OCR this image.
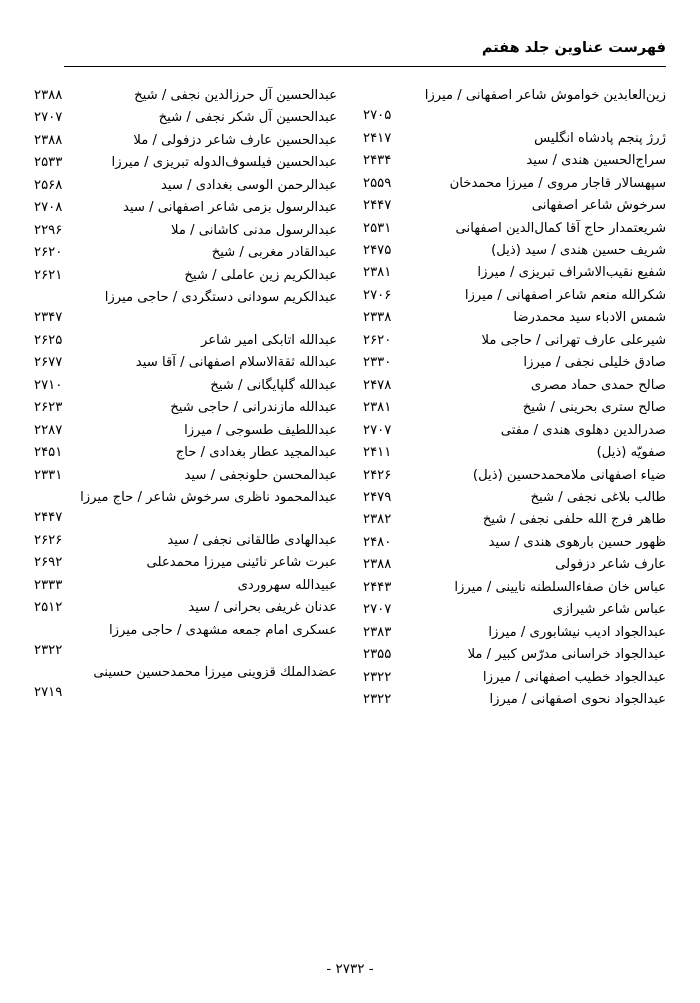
فهرست عناوين جلد هفتم
زين‌العابدين خواموش شاعر اصفهانى / ميرزا
۲۷۰۵
ژرژ پنجم پادشاه انگليس
۲۴۱۷
سراج‌الحسين هندى / سيد
۲۴۳۴
سپهسالار قاجار مروى / ميرزا محمدخان
۲۵۵۹
سرخوش شاعر اصفهانى
۲۴۴۷
شريعتمدار حاج آقا كمال‌الدين اصفهانى
۲۵۳۱
شريف حسين هندى / سيد (ذيل)
۲۴۷۵
شفيع نقيب‌الاشراف تبريزى / ميرزا
۲۳۸۱
شكرالله منعم شاعر اصفهانى / ميرزا
۲۷۰۶
شمس الادباء سيد محمدرضا
۲۳۳۸
شيرعلى عارف تهرانى / حاجى ملا
۲۶۲۰
صادق خليلى نجفى / ميرزا
۲۳۳۰
صالح حمدى حماد مصرى
۲۴۷۸
صالح سترى بحرينى / شيخ
۲۳۸۱
صدرالدين دهلوى هندى / مفتى
۲۷۰۷
صفويّه (ذيل)
۲۴۱۱
ضياء اصفهانى ملامحمدحسين (ذيل)
۲۴۲۶
طالب بلاغى نجفى / شيخ
۲۴۷۹
طاهر فرج الله حلفى نجفى / شيخ
۲۳۸۲
ظهور حسين بارهوى هندى / سيد
۲۴۸۰
عارف شاعر دزفولى
۲۳۸۸
عباس خان صفاءالسلطنه نايينى / ميرزا
۲۴۴۳
عباس شاعر شيرازى
۲۷۰۷
عبدالجواد اديب نيشابورى / ميرزا
۲۳۸۳
عبدالجواد خراسانى مدرّس كبير / ملا
۲۳۵۵
عبدالجواد خطيب اصفهانى / ميرزا
۲۳۲۲
عبدالجواد نحوى اصفهانى / ميرزا
۲۳۲۲
عبدالحسين آل حرزالدين نجفى / شيخ
۲۳۸۸
عبدالحسين آل شكر نجفى / شيخ
۲۷۰۷
عبدالحسين عارف شاعر دزفولى / ملا
۲۳۸۸
عبدالحسين فيلسوف‌الدوله تبريزى / ميرزا
۲۵۳۳
عبدالرحمن الوسى بغدادى / سيد
۲۵۶۸
عبدالرسول بزمى شاعر اصفهانى / سيد
۲۷۰۸
عبدالرسول مدنى كاشانى / ملا
۲۲۹۶
عبدالقادر مغربى / شيخ
۲۶۲۰
عبدالكريم زين عاملى / شيخ
۲۶۲۱
عبدالكريم سودانى دستگردى / حاجى ميرزا
۲۳۴۷
عبدالله اتابكى امير شاعر
۲۶۲۵
عبدالله ثقةالاسلام اصفهانى / آقا سيد
۲۶۷۷
عبدالله گلپايگانى / شيخ
۲۷۱۰
عبدالله مازندرانى / حاجى شيخ
۲۶۲۳
عبداللطيف طسوجى / ميرزا
۲۲۸۷
عبدالمجيد عطار بغدادى / حاج
۲۴۵۱
عبدالمحسن حلونجفى / سيد
۲۳۳۱
عبدالمحمود ناظرى سرخوش شاعر / حاج ميرزا
۲۴۴۷
عبدالهادى طالقانى نجفى / سيد
۲۶۲۶
عبرت شاعر نائينى ميرزا محمدعلى
۲۶۹۲
عبيدالله سهروردى
۲۳۳۳
عدنان غريفى بحرانى / سيد
۲۵۱۲
عسكرى امام جمعه مشهدى / حاجى ميرزا
۲۳۲۲
عضدالملك قزوينى ميرزا محمدحسين حسينى
۲۷۱۹
- ۲۷۳۲ -
